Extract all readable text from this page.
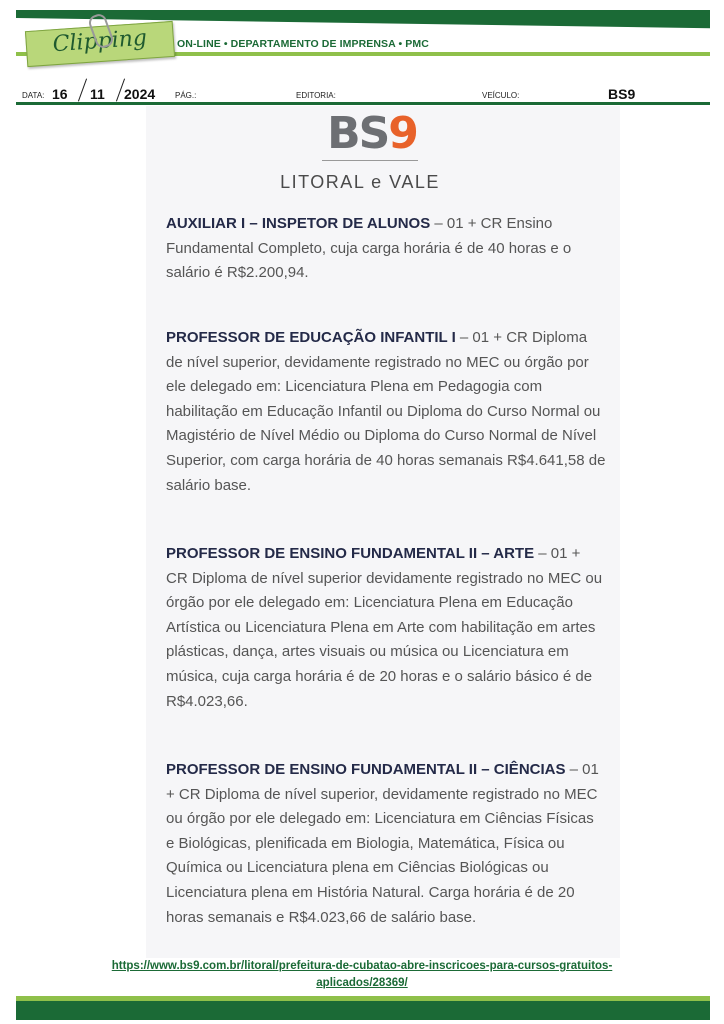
Clipping	ON-LINE • DEPARTAMENTO DE IMPRENSA • PMC
DATA: 16 11 2024 PÁG.:	EDITORIA:	VEÍCULO:	BS9
BS9
LITORAL e VALE

AUXILIAR I – INSPETOR DE ALUNOS – 01 + CR Ensino Fundamental Completo, cuja carga horária é de 40 horas e o salário é R$2.200,94.

PROFESSOR DE EDUCAÇÃO INFANTIL I – 01 + CR Diploma de nível superior, devidamente registrado no MEC ou órgão por ele delegado em: Licenciatura Plena em Pedagogia com habilitação em Educação Infantil ou Diploma do Curso Normal ou Magistério de Nível Médio ou Diploma do Curso Normal de Nível Superior, com carga horária de 40 horas semanais R$4.641,58 de salário base.

PROFESSOR DE ENSINO FUNDAMENTAL II – ARTE – 01 + CR Diploma de nível superior devidamente registrado no MEC ou órgão por ele delegado em: Licenciatura Plena em Educação Artística ou Licenciatura Plena em Arte com habilitação em artes plásticas, dança, artes visuais ou música ou Licenciatura em música, cuja carga horária é de 20 horas e o salário básico é de R$4.023,66.

PROFESSOR DE ENSINO FUNDAMENTAL II – CIÊNCIAS – 01 + CR Diploma de nível superior, devidamente registrado no MEC ou órgão por ele delegado em: Licenciatura em Ciências Físicas e Biológicas, plenificada em Biologia, Matemática, Física ou Química ou Licenciatura plena em Ciências Biológicas ou Licenciatura plena em História Natural. Carga horária é de 20 horas semanais e R$4.023,66 de salário base.

https://www.bs9.com.br/litoral/prefeitura-de-cubatao-abre-inscricoes-para-cursos-gratuitos-
aplicados/28369/
